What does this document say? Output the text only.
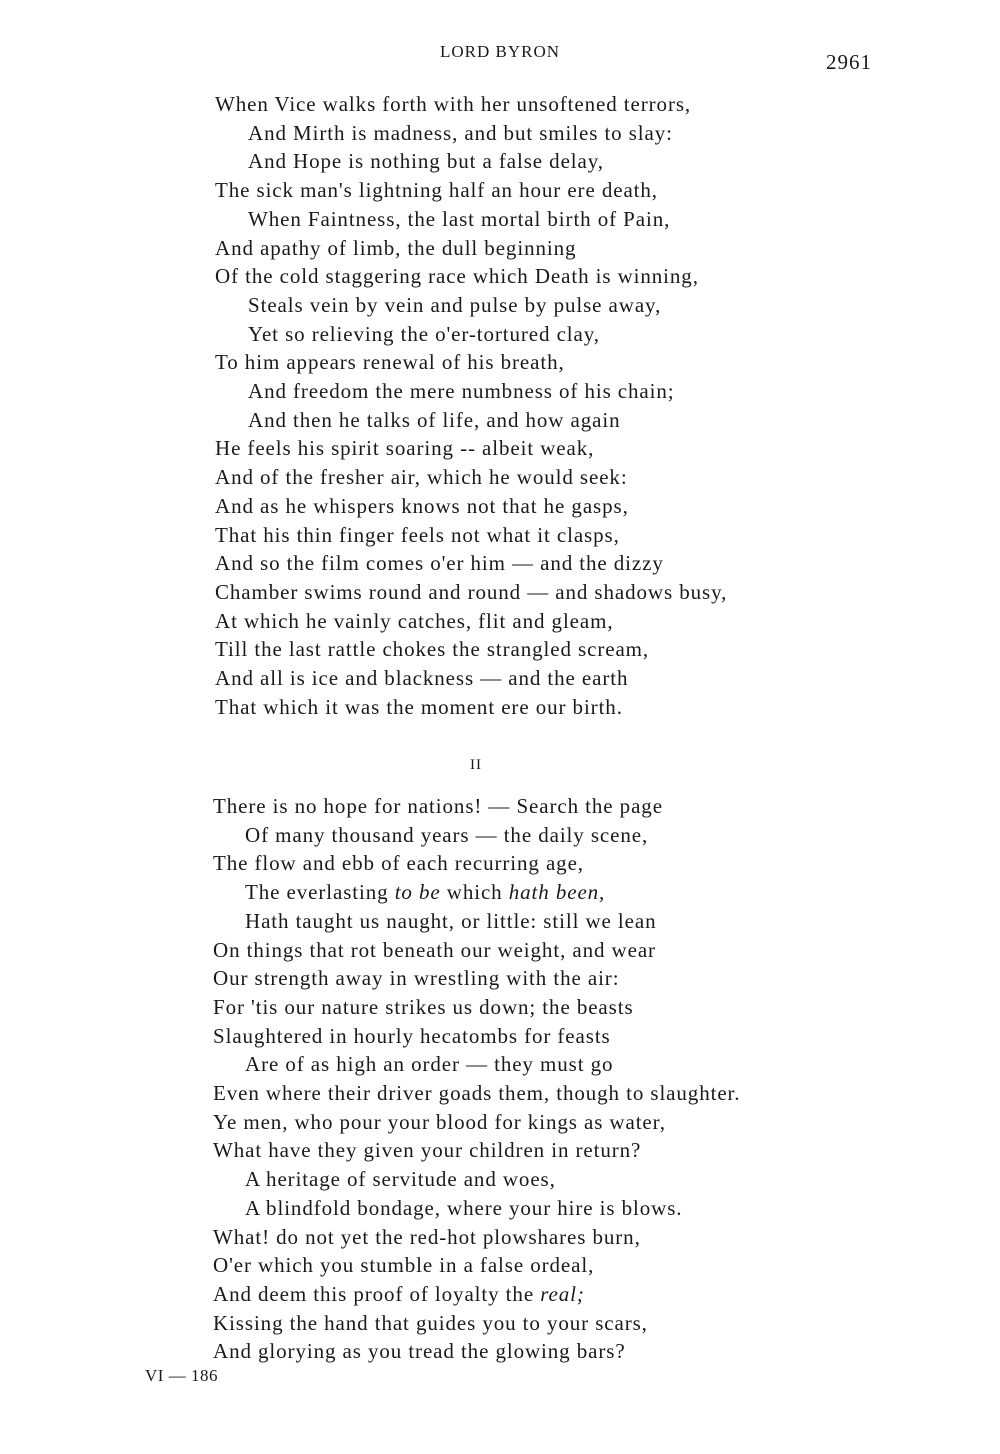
LORD BYRON	2961
When Vice walks forth with her unsoftened terrors,
And Mirth is madness, and but smiles to slay:
And Hope is nothing but a false delay,
The sick man's lightning half an hour ere death,
When Faintness, the last mortal birth of Pain,
And apathy of limb, the dull beginning
Of the cold staggering race which Death is winning,
Steals vein by vein and pulse by pulse away,
Yet so relieving the o'er-tortured clay,
To him appears renewal of his breath,
And freedom the mere numbness of his chain;
And then he talks of life, and how again
He feels his spirit soaring -- albeit weak,
And of the fresher air, which he would seek:
And as he whispers knows not that he gasps,
That his thin finger feels not what it clasps,
And so the film comes o'er him — and the dizzy
Chamber swims round and round — and shadows busy,
At which he vainly catches, flit and gleam,
Till the last rattle chokes the strangled scream,
And all is ice and blackness — and the earth
That which it was the moment ere our birth.
II
There is no hope for nations! — Search the page
Of many thousand years — the daily scene,
The flow and ebb of each recurring age,
The everlasting to be which hath been,
Hath taught us naught, or little: still we lean
On things that rot beneath our weight, and wear
Our strength away in wrestling with the air:
For 'tis our nature strikes us down; the beasts
Slaughtered in hourly hecatombs for feasts
Are of as high an order — they must go
Even where their driver goads them, though to slaughter.
Ye men, who pour your blood for kings as water,
What have they given your children in return?
A heritage of servitude and woes,
A blindfold bondage, where your hire is blows.
What! do not yet the red-hot plowshares burn,
O'er which you stumble in a false ordeal,
And deem this proof of loyalty the real;
Kissing the hand that guides you to your scars,
And glorying as you tread the glowing bars?
VI — 186
